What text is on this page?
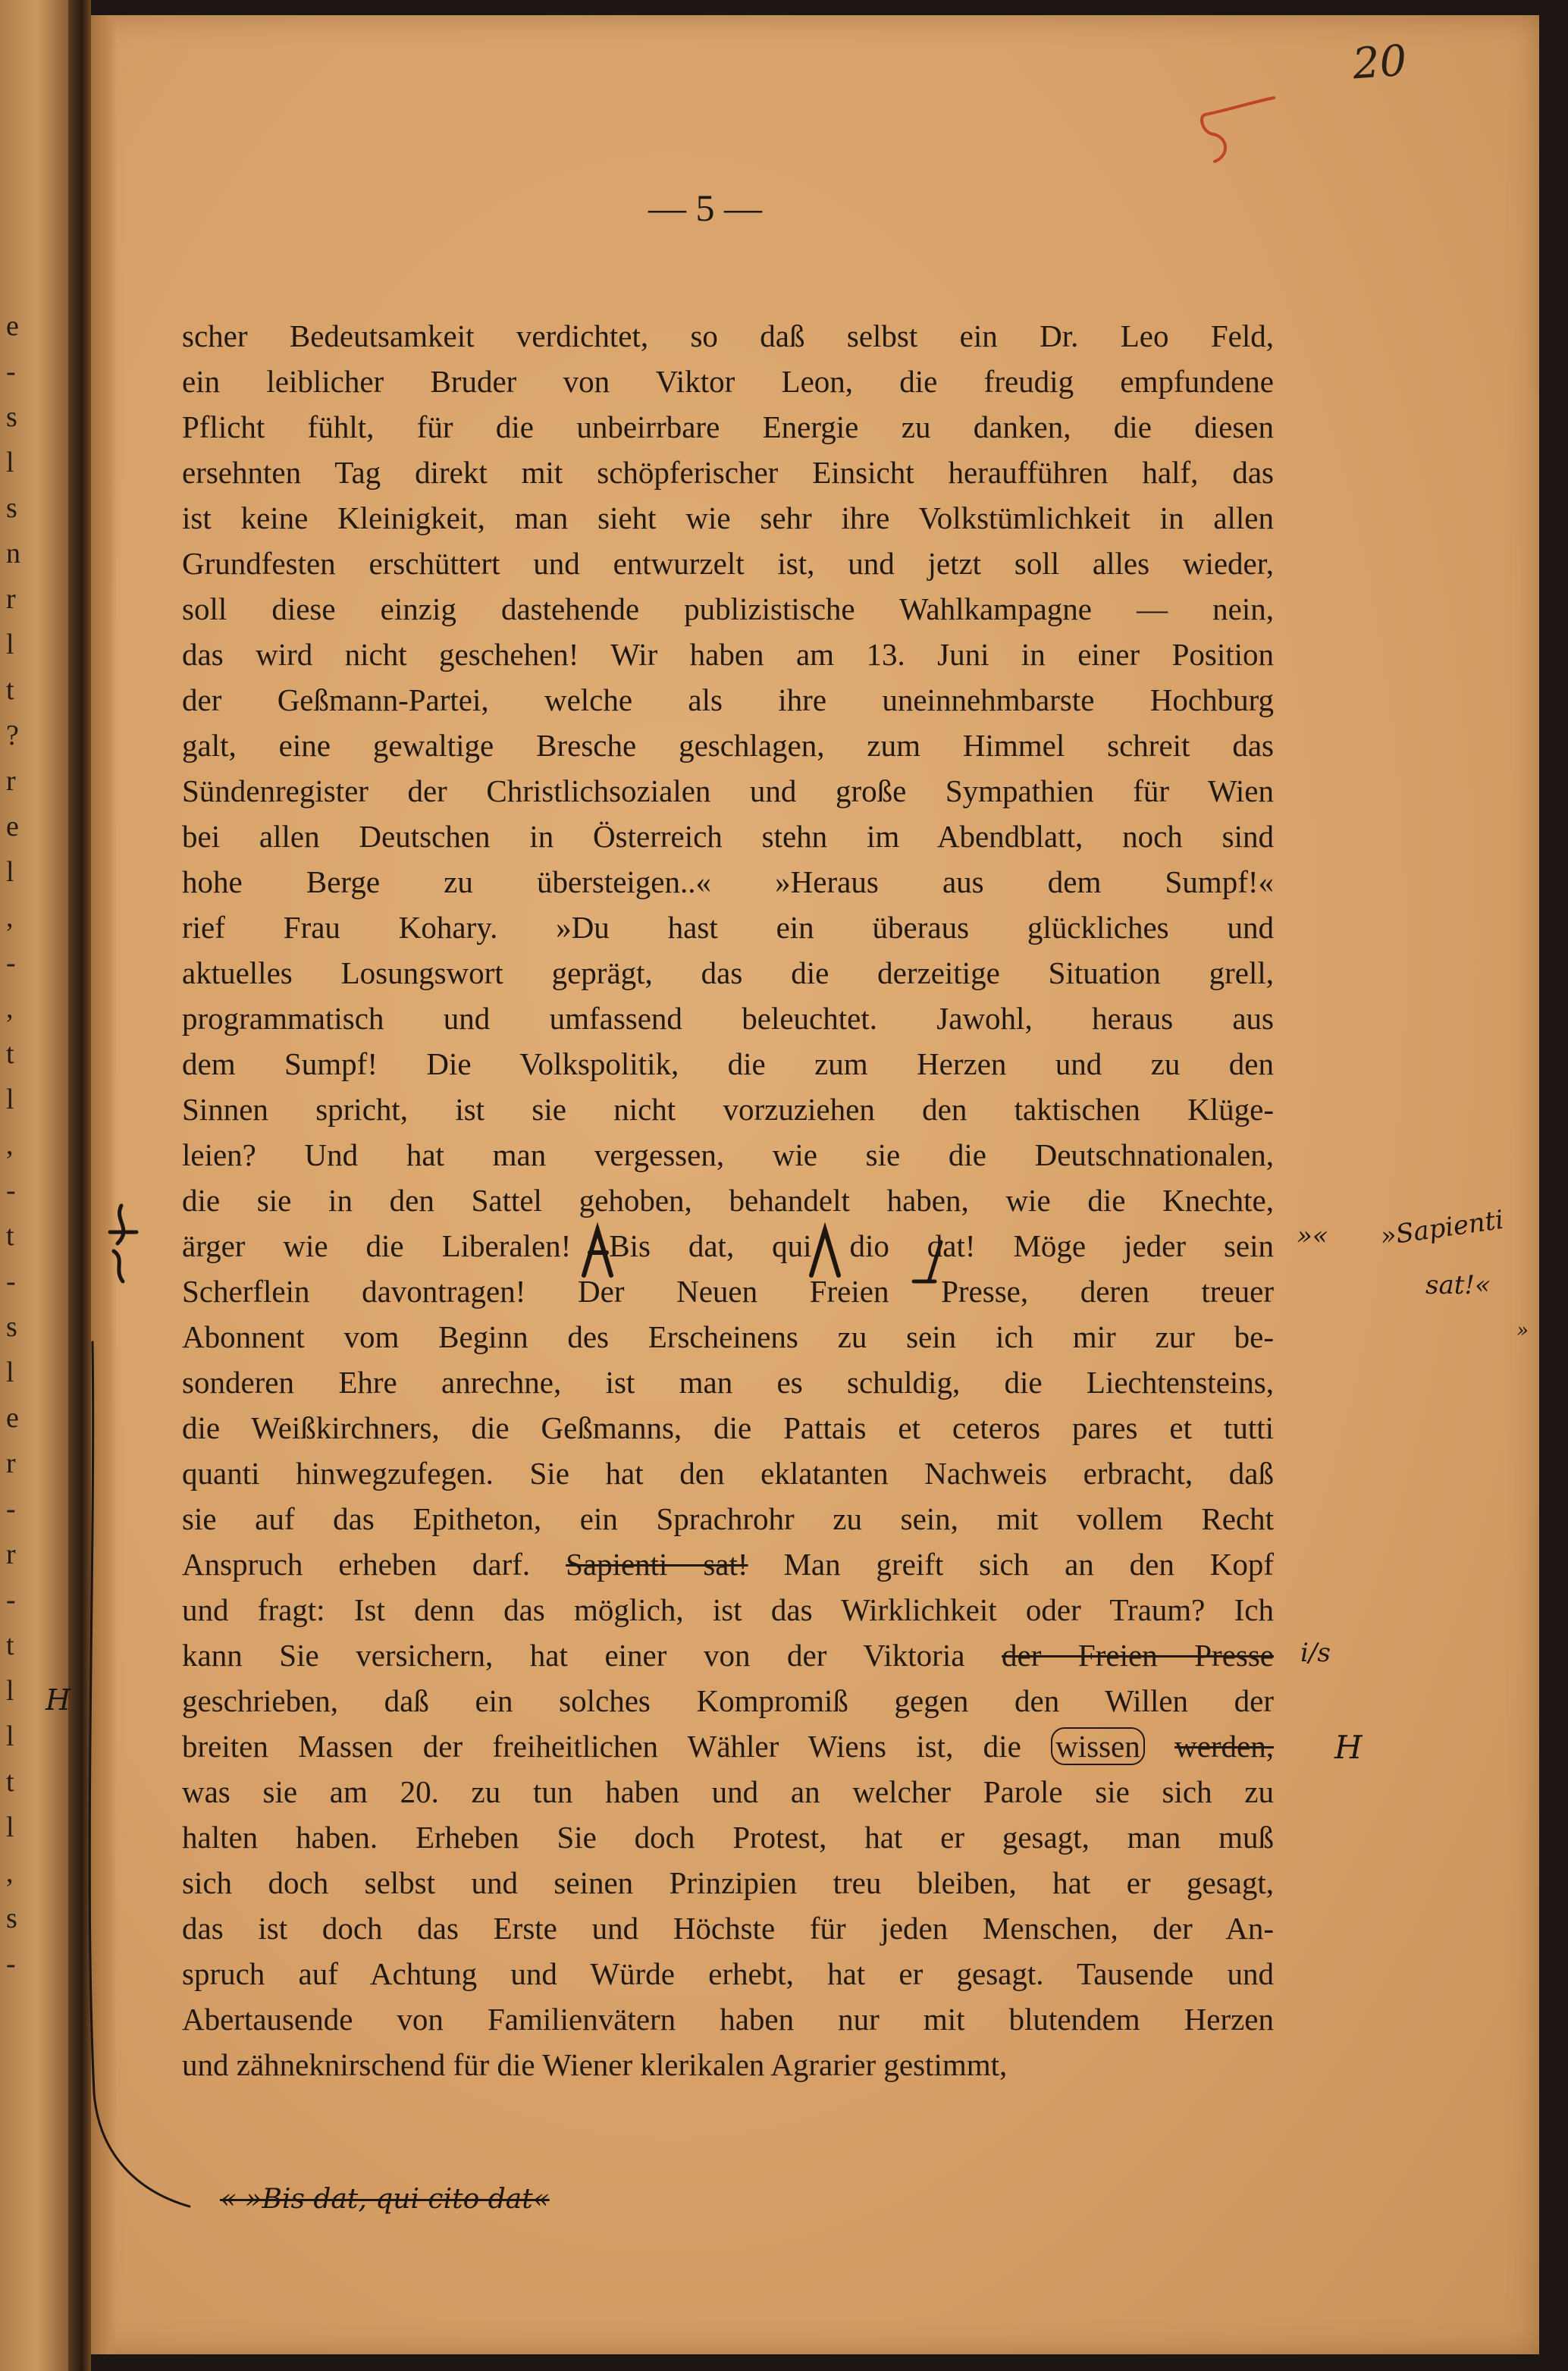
e
-
s
l
s
n
r
l
t
?
r
e
l
,
-
,
t
l
,
-
t
-
s
l
e
r
-
r
-
t
l
l
t
l
,
s
-
20
— 5 —
scher Bedeutsamkeit verdichtet, so daß selbst ein Dr. Leo Feld,
ein leiblicher Bruder von Viktor Leon, die freudig empfundene
Pflicht fühlt, für die unbeirrbare Energie zu danken, die diesen
ersehnten Tag direkt mit schöpferischer Einsicht heraufführen half, das
ist keine Kleinigkeit, man sieht wie sehr ihre Volkstümlichkeit in allen
Grundfesten erschüttert und entwurzelt ist, und jetzt soll alles wieder,
soll diese einzig dastehende publizistische Wahlkampagne — nein,
das wird nicht geschehen! Wir haben am 13. Juni in einer Position
der Geßmann-Partei, welche als ihre uneinnehmbarste Hochburg
galt, eine gewaltige Bresche geschlagen, zum Himmel schreit das
Sündenregister der Christlichsozialen und große Sympathien für Wien
bei allen Deutschen in Österreich stehn im Abendblatt, noch sind
hohe Berge zu übersteigen..« »Heraus aus dem Sumpf!«
rief Frau Kohary. »Du hast ein überaus glückliches und
aktuelles Losungswort geprägt, das die derzeitige Situation grell,
programmatisch und umfassend beleuchtet. Jawohl, heraus aus
dem Sumpf! Die Volkspolitik, die zum Herzen und zu den
Sinnen spricht, ist sie nicht vorzuziehen den taktischen Klüge-
leien? Und hat man vergessen, wie sie die Deutschnationalen,
die sie in den Sattel gehoben, behandelt haben, wie die Knechte,
ärger wie die Liberalen! Bis dat, qui dio dat! Möge jeder sein
Scherflein davontragen! Der Neuen Freien Presse, deren treuer
Abonnent vom Beginn des Erscheinens zu sein ich mir zur be-
sonderen Ehre anrechne, ist man es schuldig, die Liechtensteins,
die Weißkirchners, die Geßmanns, die Pattais et ceteros pares et tutti
quanti hinwegzufegen. Sie hat den eklatanten Nachweis erbracht, daß
sie auf das Epitheton, ein Sprachrohr zu sein, mit vollem Recht
Anspruch erheben darf. Sapienti sat! Man greift sich an den Kopf
und fragt: Ist denn das möglich, ist das Wirklichkeit oder Traum? Ich
kann Sie versichern, hat einer von der Viktoria der Freien Presse
geschrieben, daß ein solches Kompromiß gegen den Willen der
breiten Massen der freiheitlichen Wähler Wiens ist, die wissen werden,
was sie am 20. zu tun haben und an welcher Parole sie sich zu
halten haben. Erheben Sie doch Protest, hat er gesagt, man muß
sich doch selbst und seinen Prinzipien treu bleiben, hat er gesagt,
das ist doch das Erste und Höchste für jeden Menschen, der An-
spruch auf Achtung und Würde erhebt, hat er gesagt. Tausende und
Abertausende von Familienvätern haben nur mit blutendem Herzen
und zähneknirschend für die Wiener klerikalen Agrarier gestimmt,
»« »Sapienti
sat!«
»
i/s
H
H
« »Bis dat, qui cito dat«
